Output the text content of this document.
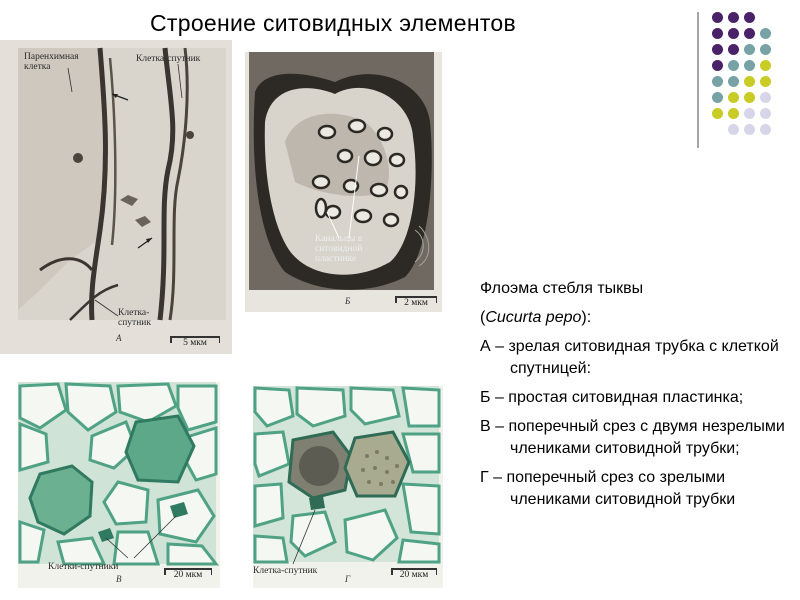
Строение ситовидных элементов
Паренхимная клетка
Клетка-спутник
Клетка-спутник
А	5 мкм
Канальцы в ситовидной пластинке
Б	2 мкм
Клетки-спутники
В	20 мкм	Клетка-спутник
Г	20 мкм
Флоэма стебля тыквы
(Cucurta pepo):
А – зрелая ситовидная трубка с клеткой спутницей:
Б – простая ситовидная пластинка;
В – поперечный срез с двумя незрелыми члениками ситовидной трубки;
Г – поперечный срез со зрелыми члениками ситовидной трубки
